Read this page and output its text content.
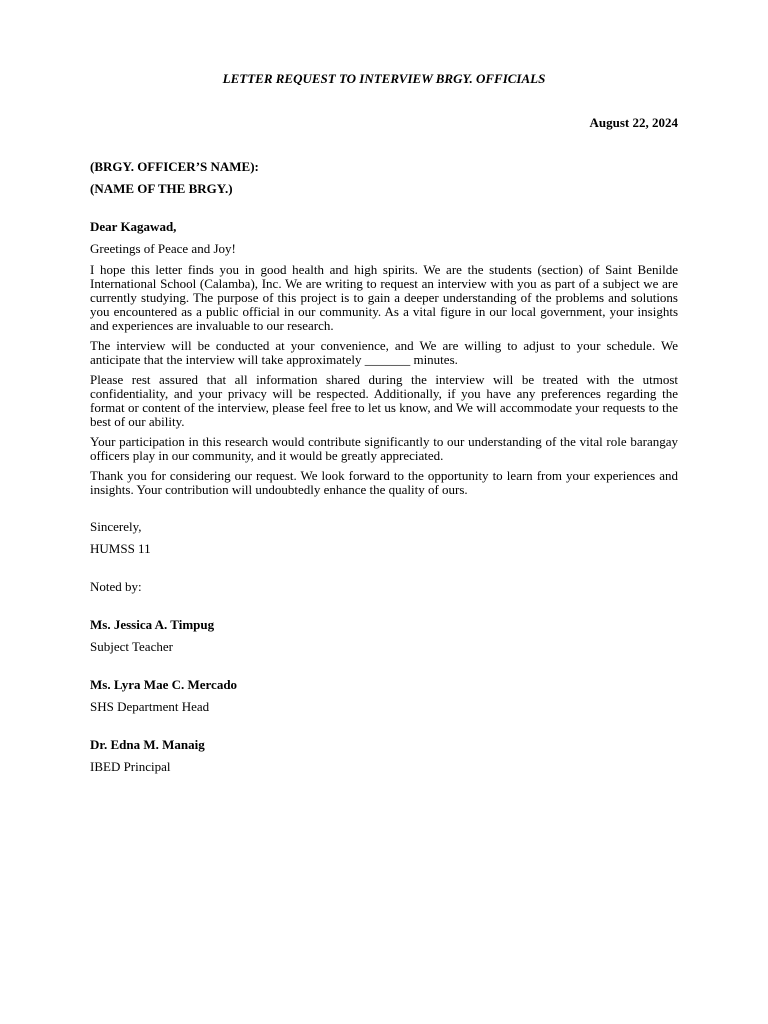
LETTER REQUEST TO INTERVIEW BRGY. OFFICIALS

August 22, 2024

(BRGY. OFFICER’S NAME):

(NAME OF THE BRGY.)

Dear Kagawad,

Greetings of Peace and Joy!

I hope this letter finds you in good health and high spirits. We are the students (section) of Saint Benilde International School (Calamba), Inc. We are writing to request an interview with you as part of a subject we are currently studying. The purpose of this project is to gain a deeper understanding of the problems and solutions you encountered as a public official in our community. As a vital figure in our local government, your insights and experiences are invaluable to our research.

The interview will be conducted at your convenience, and We are willing to adjust to your schedule. We anticipate that the interview will take approximately _______ minutes.

Please rest assured that all information shared during the interview will be treated with the utmost confidentiality, and your privacy will be respected. Additionally, if you have any preferences regarding the format or content of the interview, please feel free to let us know, and We will accommodate your requests to the best of our ability.

Your participation in this research would contribute significantly to our understanding of the vital role barangay officers play in our community, and it would be greatly appreciated.

Thank you for considering our request. We look forward to the opportunity to learn from your experiences and insights. Your contribution will undoubtedly enhance the quality of ours.

Sincerely,

HUMSS 11

Noted by:

Ms. Jessica A. Timpug

Subject Teacher

Ms. Lyra Mae C. Mercado

SHS Department Head

Dr. Edna M. Manaig

IBED Principal
